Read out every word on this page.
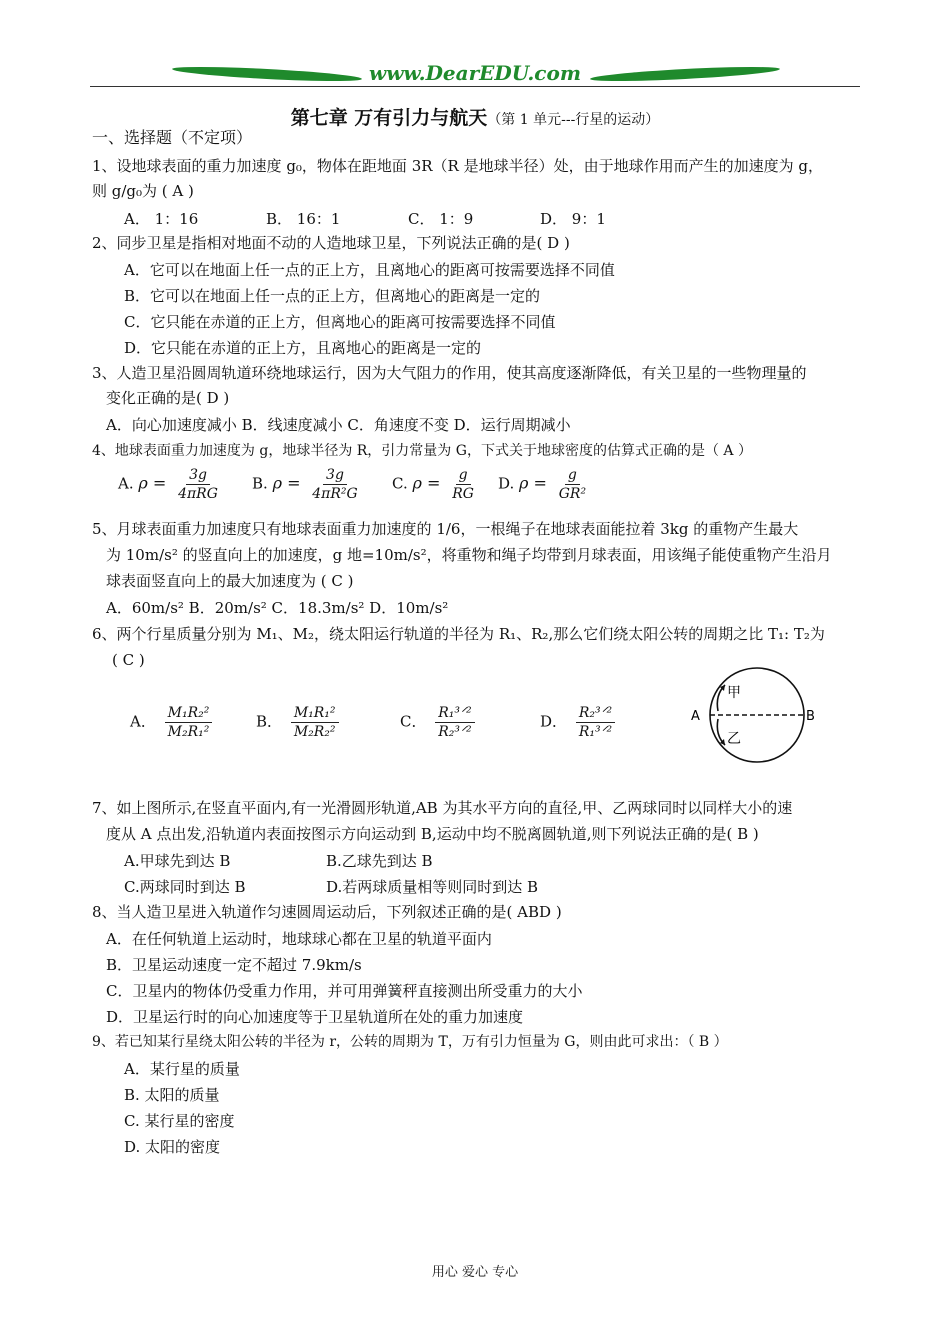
www.DearEDU.com
第七章 万有引力与航天（第 1 单元---行星的运动）
一、选择题（不定项）
1、设地球表面的重力加速度 g₀，物体在距地面 3R（R 是地球半径）处，由于地球作用而产生的加速度为 g，
则 g/g₀为 ( A )
A． 1：16	B． 16：1	C． 1：9	D． 9：1
2、同步卫星是指相对地面不动的人造地球卫星，下列说法正确的是( D )
A．它可以在地面上任一点的正上方，且离地心的距离可按需要选择不同值
B．它可以在地面上任一点的正上方，但离地心的距离是一定的
C．它只能在赤道的正上方，但离地心的距离可按需要选择不同值
D．它只能在赤道的正上方，且离地心的距离是一定的
3、人造卫星沿圆周轨道环绕地球运行，因为大气阻力的作用，使其高度逐渐降低，有关卫星的一些物理量的
变化正确的是( D )
A．向心加速度减小 B．线速度减小 C．角速度不变 D．运行周期减小
4、地球表面重力加速度为 g，地球半径为 R，引力常量为 G，下式关于地球密度的估算式正确的是（ A ）
A. $\rho = \frac{3g}{\text{4πRG}} B$. $\rho = \frac{3g}{\text{4πR²G}} C$. $\rho = \frac{g}{RG} D$. $\rho = \frac{g}{\text{GR²}}$
5、月球表面重力加速度只有地球表面重力加速度的 1/6，一根绳子在地球表面能拉着 3kg 的重物产生最大
为 10m/s² 的竖直向上的加速度，g 地=10m/s²，将重物和绳子均带到月球表面，用该绳子能使重物产生沿月
球表面竖直向上的最大加速度为 ( C )
A．60m/s² B．20m/s² C．18.3m/s² D．10m/s²
6、两个行星质量分别为 M₁、M₂，绕太阳运行轨道的半径为 R₁、R₂,那么它们绕太阳公转的周期之比 T₁: T₂为
( C )
A． $\frac{\text{M₁R₂²}}{\text{M₂R₁²}}$	B． $\frac{\text{M₁R₁²}}{\text{M₂R₂²}}$	C． $\frac{\text{R₁³ᐟ²}}{\text{R₂³ᐟ²}}$	D． $\frac{\text{R₂³ᐟ²}}{\text{R₁³ᐟ²}}$	A	B
甲
乙
7、如上图所示,在竖直平面内,有一光滑圆形轨道,AB 为其水平方向的直径,甲、乙两球同时以同样大小的速
度从 A 点出发,沿轨道内表面按图示方向运动到 B,运动中均不脱离圆轨道,则下列说法正确的是( B )
A.甲球先到达 B	B.乙球先到达 B
C.两球同时到达 B	D.若两球质量相等则同时到达 B
8、当人造卫星进入轨道作匀速圆周运动后，下列叙述正确的是( ABD )
A．在任何轨道上运动时，地球球心都在卫星的轨道平面内
B．卫星运动速度一定不超过 7.9km/s
C．卫星内的物体仍受重力作用，并可用弹簧秤直接测出所受重力的大小
D．卫星运行时的向心加速度等于卫星轨道所在处的重力加速度
9、若已知某行星绕太阳公转的半径为 r，公转的周期为 T，万有引力恒量为 G，则由此可求出：（ B ）
A．某行星的质量
B. 太阳的质量
C. 某行星的密度
D. 太阳的密度
用心 爱心 专心
